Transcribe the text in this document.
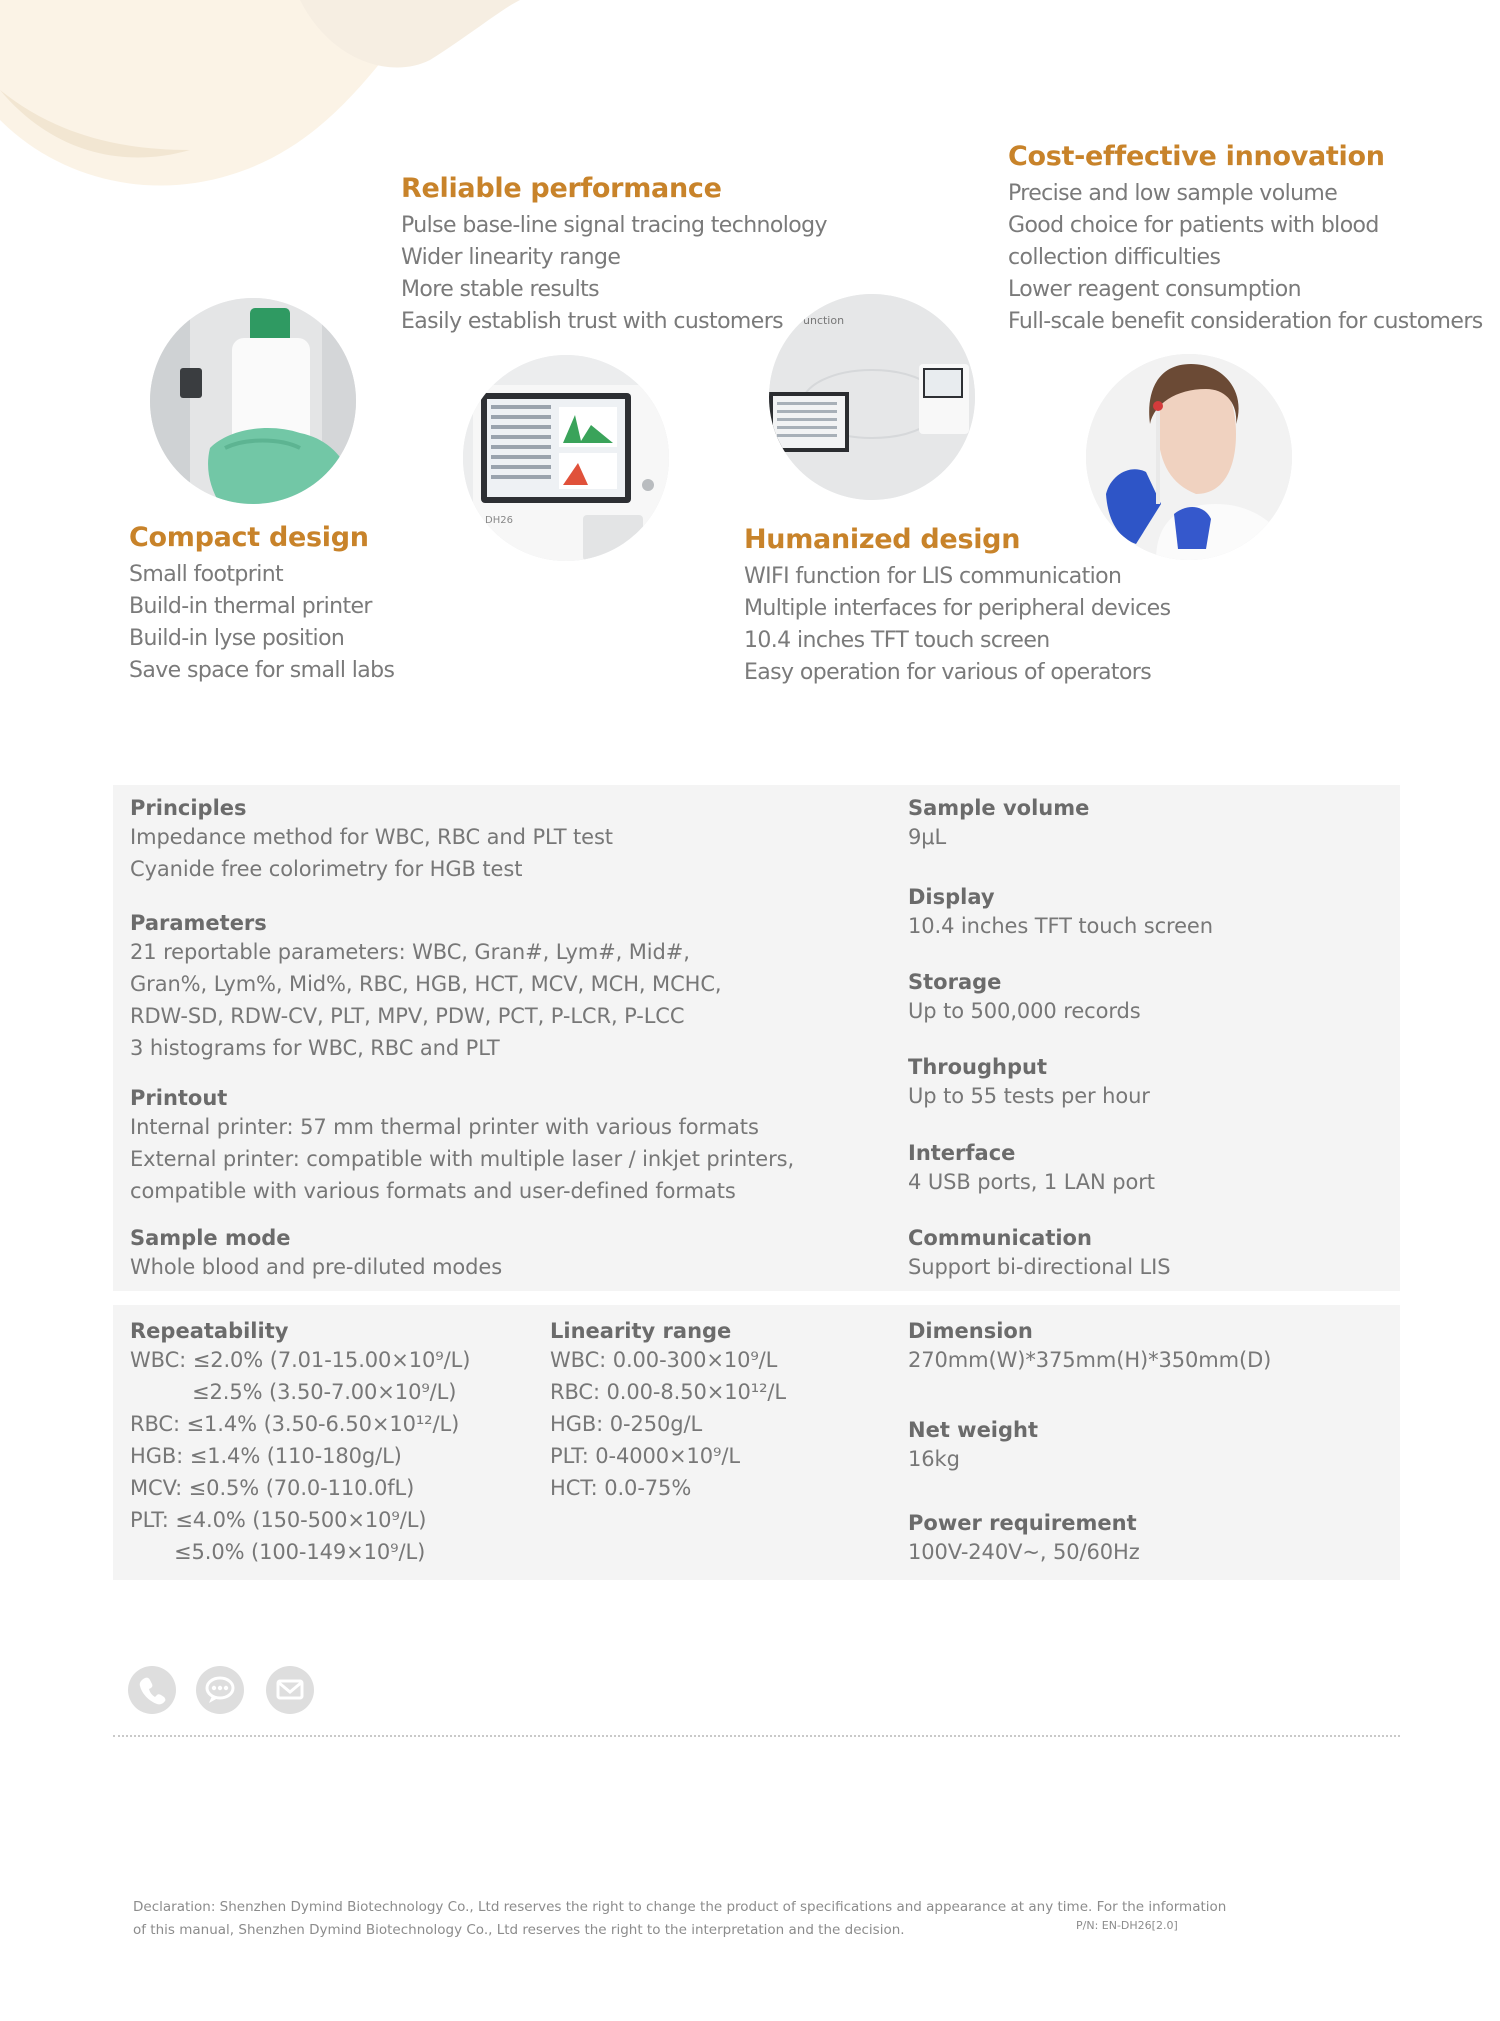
DH26
unction
Reliable performance
Pulse base-line signal tracing technology
Wider linearity range
More stable results
Easily establish trust with customers
Cost-effective innovation
Precise and low sample volume
Good choice for patients with blood
collection difficulties
Lower reagent consumption
Full-scale benefit consideration for customers
Compact design
Small footprint
Build-in thermal printer
Build-in lyse position
Save space for small labs
Humanized design
WIFI function for LIS communication
Multiple interfaces for peripheral devices
10.4 inches TFT touch screen
Easy operation for various of operators
Principles
Impedance method for WBC, RBC and PLT test
Cyanide free colorimetry for HGB test
Parameters
21 reportable parameters: WBC, Gran#, Lym#, Mid#,
Gran%, Lym%, Mid%, RBC, HGB, HCT, MCV, MCH, MCHC,
RDW-SD, RDW-CV, PLT, MPV, PDW, PCT, P-LCR, P-LCC
3 histograms for WBC, RBC and PLT
Printout
Internal printer: 57 mm thermal printer with various formats
External printer: compatible with multiple laser / inkjet printers,
compatible with various formats and user-defined formats
Sample mode
Whole blood and pre-diluted modes
Sample volume
9μL
Display
10.4 inches TFT touch screen
Storage
Up to 500,000 records
Throughput
Up to 55 tests per hour
Interface
4 USB ports, 1 LAN port
Communication
Support bi-directional LIS
Repeatability
WBC: ≤2.0% (7.01-15.00×10⁹/L)
≤2.5% (3.50-7.00×10⁹/L)
RBC: ≤1.4% (3.50-6.50×10¹²/L)
HGB: ≤1.4% (110-180g/L)
MCV: ≤0.5% (70.0-110.0fL)
PLT: ≤4.0% (150-500×10⁹/L)
≤5.0% (100-149×10⁹/L)
Linearity range
WBC: 0.00-300×10⁹/L
RBC: 0.00-8.50×10¹²/L
HGB: 0-250g/L
PLT: 0-4000×10⁹/L
HCT: 0.0-75%
Dimension
270mm(W)*375mm(H)*350mm(D)
Net weight
16kg
Power requirement
100V-240V~, 50/60Hz
Declaration: Shenzhen Dymind Biotechnology Co., Ltd reserves the right to change the product of specifications and appearance at any time. For the information
of this manual, Shenzhen Dymind Biotechnology Co., Ltd reserves the right to the interpretation and the decision.	P/N: EN-DH26[2.0]
